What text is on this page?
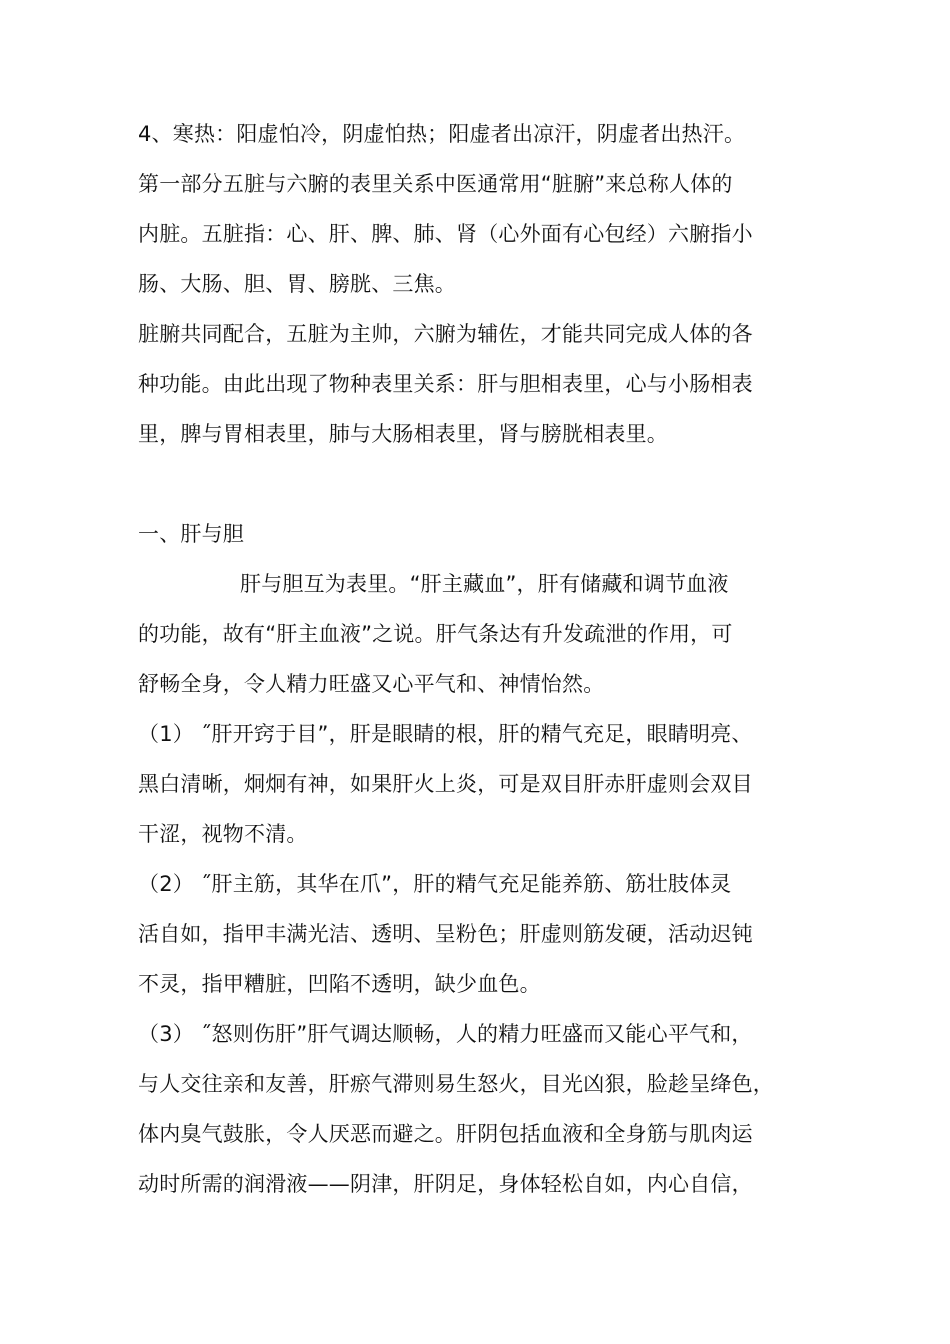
4、寒热：阳虚怕冷，阴虚怕热；阳虚者出凉汗，阴虚者出热汗。
第一部分五脏与六腑的表里关系中医通常用“脏腑”来总称人体的
内脏。五脏指：心、肝、脾、肺、肾（心外面有心包经）六腑指小
肠、大肠、胆、胃、膀胱、三焦。
脏腑共同配合，五脏为主帅，六腑为辅佐，才能共同完成人体的各
种功能。由此出现了物种表里关系：肝与胆相表里，心与小肠相表
里，脾与胃相表里，肺与大肠相表里，肾与膀胱相表里。
一、肝与胆
肝与胆互为表里。“肝主藏血”，肝有储藏和调节血液
的功能，故有“肝主血液”之说。肝气条达有升发疏泄的作用，可
舒畅全身，令人精力旺盛又心平气和、神情怡然。
（1） ˝肝开窍于目”，肝是眼睛的根，肝的精气充足，眼睛明亮、
黑白清晰，炯炯有神，如果肝火上炎，可是双目肝赤肝虚则会双目
干涩，视物不清。
（2） ˝肝主筋，其华在爪”，肝的精气充足能养筋、筋壮肢体灵
活自如，指甲丰满光洁、透明、呈粉色；肝虚则筋发硬，活动迟钝
不灵，指甲糟脏，凹陷不透明，缺少血色。
（3） ˝怒则伤肝”肝气调达顺畅，人的精力旺盛而又能心平气和，
与人交往亲和友善，肝瘀气滞则易生怒火，目光凶狠，脸趁呈绛色，
体内臭气鼓胀，令人厌恶而避之。肝阴包括血液和全身筋与肌肉运
动时所需的润滑液——阴津，肝阴足，身体轻松自如，内心自信，
